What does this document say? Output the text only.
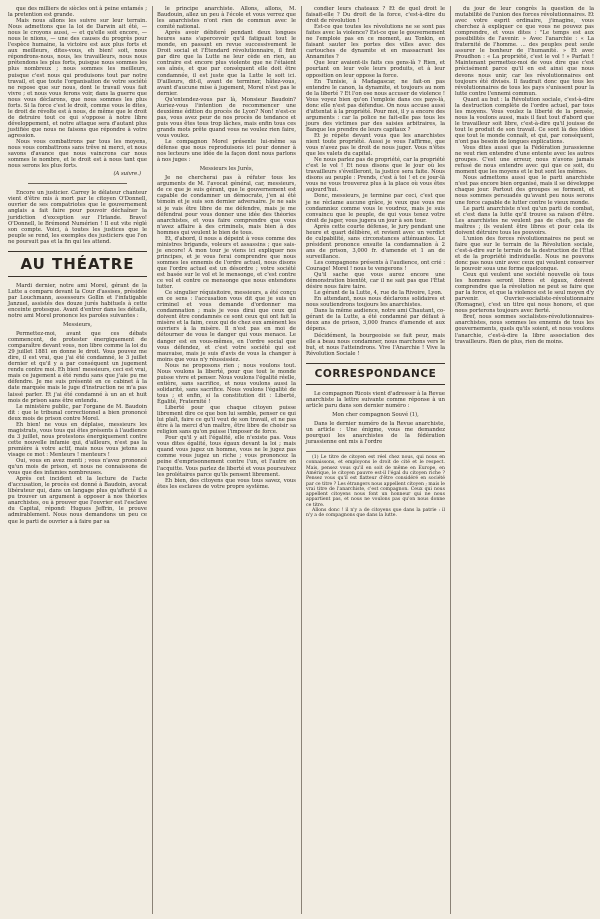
que des milliers de siècles ont à peine entamés ; la pretention est grande.

Mais nous allons les suivre sur leur terrain. Nous admettons que la loi de Darwin ait été, — nous le croyons aussi, — et qu'elle soit encore, — nous le niions, — une des causes du progrès pour l'espèce humaine, la victoire est aux plus forts et aux meilleurs, dites-vous, eh bien! soit, nous répondrons-nous, nous, les travailleurs, nous nous prétendons les plus forts, puisque nous sommes les plus nombreux ; nous sommes les meilleurs, puisque c'est nous qui produisons tout par notre travail, et que toute l'organisation de votre société ne repose que sur nous, dont le travail vous fait vivre ; et nous vous ferons voir, dans la guerre que nous vous déclarons, que nous sommes les plus forts. Si la force c'est le droit, comme vous le dites, le droit de révolte est à nous, de même que le droit de detruire tout ce qui s'oppose à notre libre développement, et notre attaque sera d'autant plus justifiée que nous ne faisons que répondre à votre agression.

Nous vous combattrons par tous les moyens, nous vous combattrons sans trêve ni merci, et nous savons d'avance que nous vaincrons car nous sommes le nombre, et le droit est à nous tant que nous serons les plus forts.

(A suivre.)

Encore un justicier. Carrey le délateur chanteur vient d'être mis à mort par le citoyen O'Donnell, ouvrier de ses compatriotes que le gouvernement anglais a fait faire pour pouvoir déchaîner la juridiction d'exception sur l'Irlande. Bravo! O'Donnell, le Brémond Numérien ! Il eut vite réglé son compte. Voici, à toutes les justices que le peuple se rend, les exemples des justiciers que l'on ne poursuit pas et la fin qui les attend.

AU THÉATRE

Mardi dernier, notre ami Morel, gérant de la Lutte a comparu devant la Cour d'assises, présidée par Louchmann, assesseurs Gollin et l'infatigable Janzuel, assistés des douze jurés habituels à cette enceinte grotesque. Avant d'entrer dans les détails, notre ami Morel prononce les paroles suivantes :

Messieurs,

Permettez-moi, avant que ces débats commencent, de protester énergiquement de comparaître devant vous, non libre comme la loi du 29 juillet 1881 en donne le droit. Vous pouvez me dire, il est vrai, que j'ai été condamné, le 3 juillet dernier et qu'il y a par conséquent un jugement rendu contre moi. Eh bien! messieurs, ceci est vrai, mais ce jugement a été rendu sans que j'aie pu me défendre. Je me suis présenté en ce cabinet à la date marquée mais le juge d'instruction ne m'a pas laissé parler. Et j'ai été condamné à un an et huit mois de prison sans être entendu.

Le ministère public, par l'organe de M. Baudoin dit : que le tribunal correctionnel a bien prononcé deux mois de prison contre Morel.

Eh bien! ne vous en déplaise, messieurs les magistrats, vous tous qui êtes présents à l'audience du 3 juillet, nous protestons énergiquement contre cette nouvelle infamie qui, d'ailleurs, n'est pas la première à votre actif, mais nous vous jetons au visage ce mot : Menteurs ! menteurs !

Oui, vous en avez menti ; vous n'avez prononcé qu'un mois de prison, et nous ne connaissons de vous que des infamies nombreuses.

Après cet incident et la lecture de l'acte d'accusation, le procès est donné à Baudoin, avocat libérateur qui, dans un langage plus qu'affecté il a pu trouver un argument à opposer à nos théories anarchistes, ou à prouver que l'ouvrier est l'esclave du Capital, répond: Hugues Jeffrin, le prouve admirablement. Nous nous demandons un peu ce que le parti de ouvrier a à faire par sa

le principe anarchiste. Allons, allons, M. Baudouin, allez un peu à l'école et vous verrez que les anarchistes n'ont rien de commun avec le comité national.

Après avoir débiteré pendant deux longues heures sans s'apercevoir qu'il fatiguait tout le monde, en passant en revue successivement le Droit social et l'Étendard révolutionnaire, il finit par dire que la Lutte ne leur cède en rien, au contraire est encore plus violente que ne l'étaient ses aînés, et que par conséquent elle doit être condamnée, il est juste que la Lutte le soit ici. D'ailleurs, dit-il, avant de terminer, hâtez-vous, avant d'aucune mise à jugement, Morel n'est pas le dernier.

Qu'entendez-vous par là, Monsieur Baudoin? Auriez-vous l'intention de recommencer une deuxième édition du procès de Lyon? Non! n'est-ce pas, vous avez peur de nos procès de tendance et puis vous êtes tous trop lâches, mais enfin tous ces grands mots prête quand vous ne voulez rien faire, vous voulez.

Le compagnon Morel présente lui-même sa défense que nous reproduisons ici pour donner à nos lecteurs une idée de la façon dont nous parlons à nos juges :

Messieurs les Jurés,

Je ne chercherai pas à réfuter tous les arguments de M. l'avocat général, car, messieurs, de ce que je suis gérant, que le gouvernement est capable de condamner un démocrate, j'en ai été témoin et je suis son dernier adversaire. Je ne sais si je vais être libre de me défendre, mais je me défendrai pour vous donner une idée des théories anarchistes, et vous faire comprendre que vous n'avez affaire à des criminels, mais bien à des hommes qui veulent le bien de tous.

Et, d'abord, il nous a dépeint à vous comme des ministres brigands, voleurs et assassins ; que sais-je encore! À mon tour je viens ici expliquer nos principes, et je vous ferai comprendre que nous sommes les ennemis de l'ordre actuel, nous disons que l'ordre actuel est un désordre ; votre société est basée sur le vol et le mensonge, et c'est contre ce vol et contre ce mensonge que nous entendons lutter.

Ce singulier réquisitoire, messieurs, a été conçu en ce sens : l'accusation vous dit que je suis un criminel et vous demande d'ordonner ma condamnation ; mais je vous dirai que ceux qui doivent être condamnés ce sont ceux qui ont fait la misère et la faim, ceux qui de chez eux amènent les ouvriers à la misère. Il n'est pas en moi de détourner de vous le danger qui vous menace. Le danger est en vous-mêmes, en l'ordre social que vous défendez, et c'est votre société qui est mauvaise, mais je suis d'avis de vous la changer à moins que vous n'y réussissiez.

Nous ne proposons rien ; nous voulons tout. Nous voulons la liberté, pour que tout le monde puisse vivre et penser. Nous voulons l'égalité réelle, entière, sans sacrifice, et nous voulons aussi la solidarité, sans sacrifice. Nous voulons l'égalité de tous ; et enfin, si la constitution dit : Liberté, Égalité, Fraternité !

Liberté pour que chaque citoyen puisse librement dire ce que bon lui semble, penser ce qui lui plaît, faire ce qu'il veut de son travail, et ne pas être à la merci d'un maître, être libre de choisir sa religion sans qu'on puisse l'imposer de force.

Pour qu'il y ait l'égalité, elle n'existe pas. Vous vous dites égalité, tous égaux devant la loi ; mais quand vous jugez un homme, vous ne le jugez pas comme vous jugez un riche ; vous prononcez la peine d'emprisonnement contre l'un, et l'autre on l'acquitte. Vous parlez de liberté et vous poursuivez les prolétaires parce qu'ils pensent librement.

Eh bien, des citoyens que vous tous savez, vous êtes les esclaves de votre propre système.

condier leurs chateaux ? Et de quel droit le faisait-elle ? Du droit de la force, c'est-à-dire du droit de révolution !

Est-ce que toutes les révolutions ne se sont pas faites avec la violence? Est-ce que le gouvernement ne l'emploie pas en ce moment, au Tonkin, en faisant sauter les portes des villes avec des cartouches de dynamite et en massacrant les Annamites ?

Que leur avaient-ils faits ces gens-là ? Rien, et pourtant on leur vole leurs produits, et à leur opposition on leur oppose la force.

En Tunisie, à Madagascar, ne fait-on pas entendre le canon, la dynamite, et toujours au nom de la liberté ? Et l'on ose nous accuser de violence ! Vous voyez bien qu'on l'emploie dans ces pays-là, donc elle n'est pas défendue. On nous accuse aussi d'attentat à la propriété. Pour moi, il y a encore des arguments : car la police ne fait-elle pas tous les jours des victimes par des saisies arbitraires, la Banque les prendre de leurs capitaux ?

Et je répète devant vous que les anarchistes nient toute propriété. Aussi je vous l'affirme, que vous n'avez pas le droit de nous juger. Vous n'êtes que les valets du capital.

Ne nous parlez pas de propriété, car la propriété c'est le vol ! Et nous disons que le jour où les travailleurs s'éveilleront, la justice sera faite. Nous disons au peuple : Prends, c'est à toi ! et ce jour-là vous ne vous trouverez plus à la place où vous êtes aujourd'hui.

Donc, messieurs, je termine par ceci, c'est que je ne réclame aucune grâce, je veux que vous me condamniez comme vous le voudrez, mais je suis convaincu que le peuple, de qui vous tenez votre droit de juger, vous jugera un jour à son tour.

Après cette courte défense, le jury pendant une heure et quart délibère, et revient avec un verdict de culpabilité, sans circonstances atténuantes. Le président prononce ensuite la condamnation à 2 ans de prison, 3,000 fr. d'amende et 1 an de surveillance.

Les compagnons présents à l'audience, ont crié : Courage! Morel ! nous te vengerons !

Qu'il sache que vous aurez encore une démonstration bientôt, car il ne sait pas que l'État désire nous faire taire.

Le gérant de la Lutte, 4, rue de la Rivoire, Lyon.

En attendant, nous nous déclarons solidaires et nous soutiendrons toujours les anarchistes.

Dans la même audience, notre ami Chautant, co-gérant de la Lutte, a été condamné par défaut à deux ans de prison, 3,000 francs d'amende et aux dépens.

Décidément, la bourgeoisie se fait peur, mais elle a beau nous condamner, nous marchons vers le but, et nous l'atteindrons. Vive l'Anarchie ! Vive la Révolution Sociale !

CORRESPONDANCE

Le compagnon Ricois vient d'adresser à la Revue anarchiste la lettre suivante comme réponse à un article paru dans son dernier numéro :

Mon cher compagnon Souvé (1),

Dans le dernier numéro de la Revue anarchiste, un article : Une énigme, vous me demandez pourquoi les anarchistes de la fédération jurassienne ont mis à l'ordre

(1) Le titre de citoyen est réel chez nous, qui nous en connaissons, et employons le droit de cité et le respect. Mais, pensez vous qu'il en soit de même en Europe, en Amérique, le citoyen pauvre est-il l'égal du citoyen riche ? Pensez vous qu'il est flatteur d'être considéré en société par ce titre ? Les étrangers nous appellent citoyen ; mais le vrai titre de l'anarchiste, c'est compagnon. Ceux qui nous appellent citoyens nous font un honneur qui ne nous appartient pas, et nous ne voulons pas qu'on nous donne ce titre.

Allons donc ! il n'y a de citoyens que dans la patrie : il n'y a de compagnons que dans la lutte.

du jour de leur congrès la question de la mutabilité de l'union des forces révolutionnaires. Et avec votre esprit ordinaire, j'imagine, vous cherchez à expliquer ce que vous ne pouvez pas comprendre, et vous dites : "Le temps est aux possibilités de l'avenir. » Avec l'anarchie : « La fraternité de l'homme. ... des peuples peut seule assurer le bonheur de l'humanité. » Et avec Proudhon : « La propriété, c'est le vol ! » Parfait ! Maintenant permettez-moi de vous dire que c'est précisément parce qu'il en est ainsi que nous devons nous unir, car les révolutionnaires ont toujours été divisés. Il faudrait donc que tous les révolutionnaires de tous les pays s'unissent pour la lutte contre l'ennemi commun.

Quant au but : la Révolution sociale, c'est-à-dire la destruction complète de l'ordre actuel, par tous les moyens. Vous voulez la liberté de la pensée, nous la voulons aussi, mais il faut tout d'abord que le travailleur soit libre, c'est-à-dire qu'il jouisse de tout le produit de son travail. Ce sont là des idées que tout le monde connaît, et qui, par conséquent, n'ont pas besoin de longues explications.

Vous dites aussi que la Fédération jurassienne ne veut rien entendre d'une entente avec les autres groupes. C'est une erreur, nous n'avons jamais refusé de nous entendre avec qui que ce soit, du moment que les moyens et le but sont les mêmes.

Nous admettons aussi que le parti anarchiste n'est pas encore bien organisé, mais il se développe chaque jour. Partout des groupes se forment, et nous sommes persuadés qu'avant peu nous serons une force capable de lutter contre le vieux monde.

Le parti anarchiste n'est qu'un parti de combat, et c'est dans la lutte qu'il trouve sa raison d'être. Les anarchistes ne veulent pas de chefs, pas de maîtres ; ils veulent être libres et pour cela ils doivent détruire tous les pouvoirs.

L'union des forces révolutionnaires ne peut se faire que sur le terrain de la Révolution sociale, c'est-à-dire sur le terrain de la destruction de l'État et de la propriété individuelle. Nous ne pouvons donc pas nous unir avec ceux qui veulent conserver le pouvoir sous une forme quelconque.

Ceux qui veulent une société nouvelle où tous les hommes seront libres et égaux, doivent comprendre que la révolution ne peut se faire que par la force, et que la violence est le seul moyen d'y parvenir. Ouvrier-socialiste-révolutionnaire (Romagne), c'est un titre qui nous honore, et que nous porterons toujours avec fierté.

Bref, nous sommes socialistes-révolutionnaires-anarchistes, nous sommes les ennemis de tous les gouvernements, quels qu'ils soient, et nous voulons l'anarchie, c'est-à-dire la libre association des travailleurs. Rien de plus, rien de moins.
